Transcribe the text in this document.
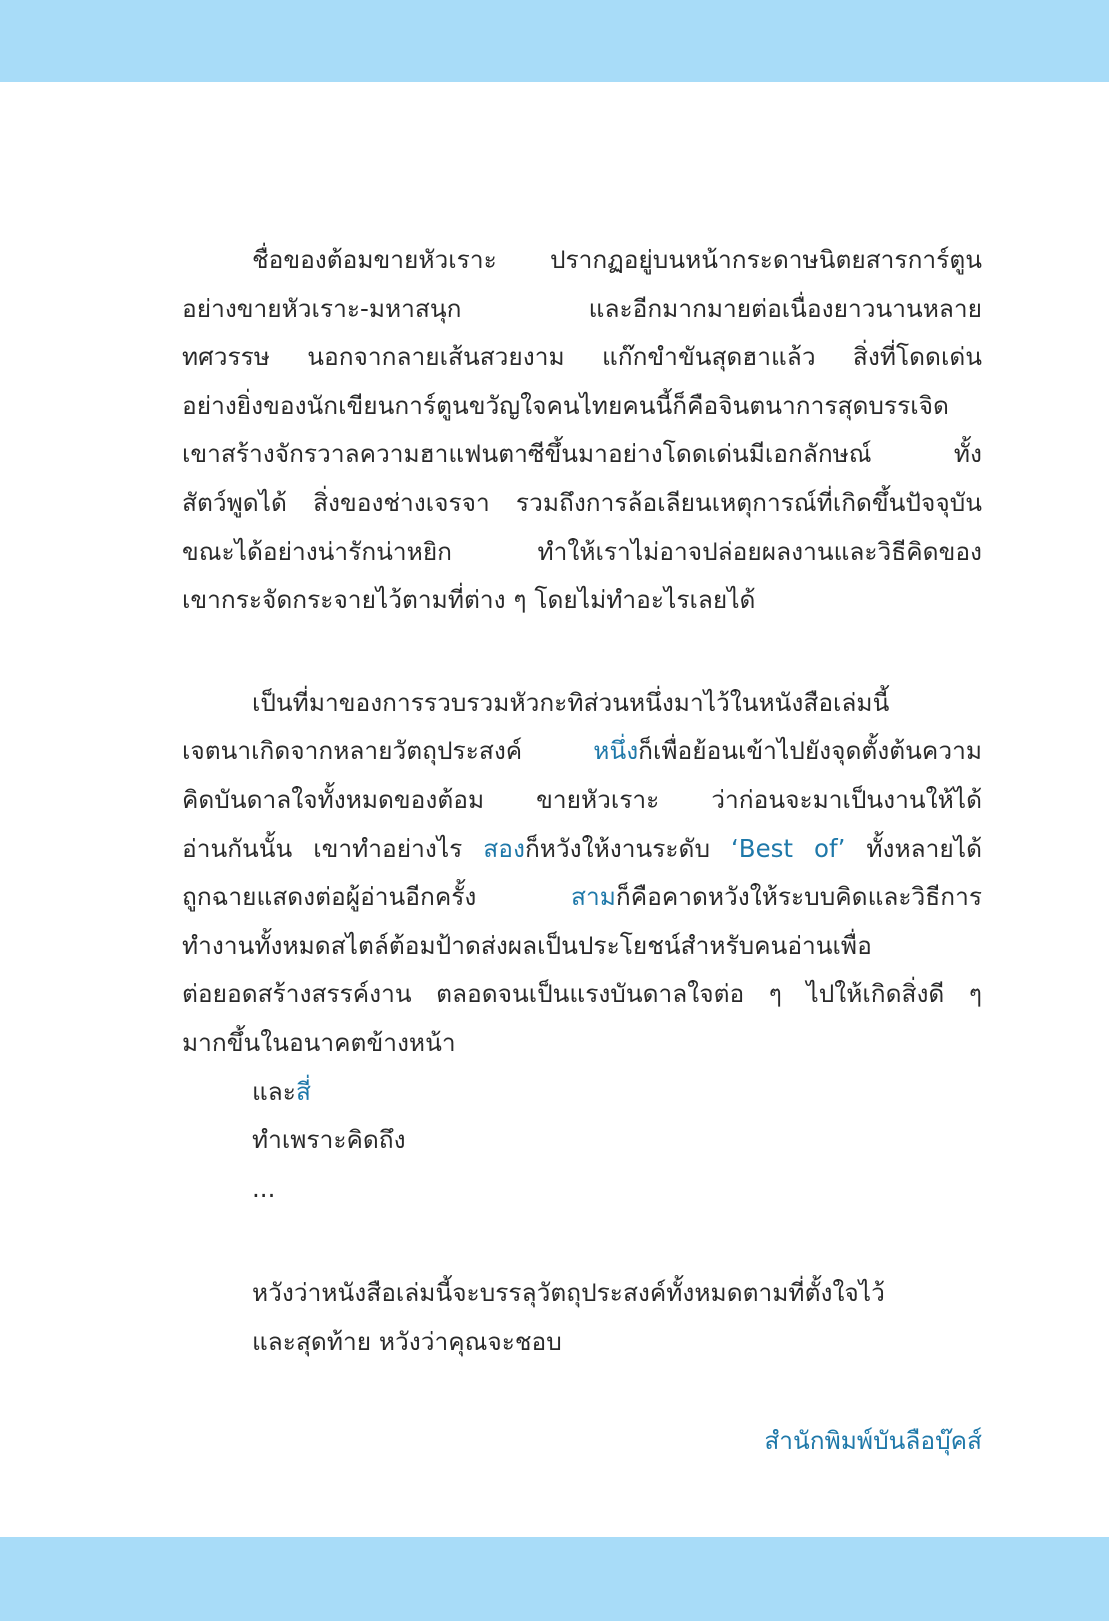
ชื่อของต้อมขายหัวเราะ ปรากฏอยู่บนหน้ากระดาษนิตยสารการ์ตูน
อย่างขายหัวเราะ-มหาสนุก และอีกมากมายต่อเนื่องยาวนานหลาย
ทศวรรษ นอกจากลายเส้นสวยงาม แก๊กขำขันสุดฮาแล้ว สิ่งที่โดดเด่น
อย่างยิ่งของนักเขียนการ์ตูนขวัญใจคนไทยคนนี้ก็คือจินตนาการสุดบรรเจิด
เขาสร้างจักรวาลความฮาแฟนตาซีขึ้นมาอย่างโดดเด่นมีเอกลักษณ์ ทั้ง
สัตว์พูดได้ สิ่งของช่างเจรจา รวมถึงการล้อเลียนเหตุการณ์ที่เกิดขึ้นปัจจุบัน
ขณะได้อย่างน่ารักน่าหยิก ทำให้เราไม่อาจปล่อยผลงานและวิธีคิดของ
เขากระจัดกระจายไว้ตามที่ต่าง ๆ โดยไม่ทำอะไรเลยได้
เป็นที่มาของการรวบรวมหัวกะทิส่วนหนึ่งมาไว้ในหนังสือเล่มนี้
เจตนาเกิดจากหลายวัตถุประสงค์ หนึ่งก็เพื่อย้อนเข้าไปยังจุดตั้งต้นความ
คิดบันดาลใจทั้งหมดของต้อม ขายหัวเราะ ว่าก่อนจะมาเป็นงานให้ได้
อ่านกันนั้น เขาทำอย่างไร สองก็หวังให้งานระดับ ‘Best of’ ทั้งหลายได้
ถูกฉายแสดงต่อผู้อ่านอีกครั้ง สามก็คือคาดหวังให้ระบบคิดและวิธีการ
ทำงานทั้งหมดสไตล์ต้อมป้าดส่งผลเป็นประโยชน์สำหรับคนอ่านเพื่อ
ต่อยอดสร้างสรรค์งาน ตลอดจนเป็นแรงบันดาลใจต่อ ๆ ไปให้เกิดสิ่งดี ๆ
มากขึ้นในอนาคตข้างหน้า
และสี่
ทำเพราะคิดถึง
...
หวังว่าหนังสือเล่มนี้จะบรรลุวัตถุประสงค์ทั้งหมดตามที่ตั้งใจไว้
และสุดท้าย หวังว่าคุณจะชอบ
สำนักพิมพ์บันลือบุ๊คส์
